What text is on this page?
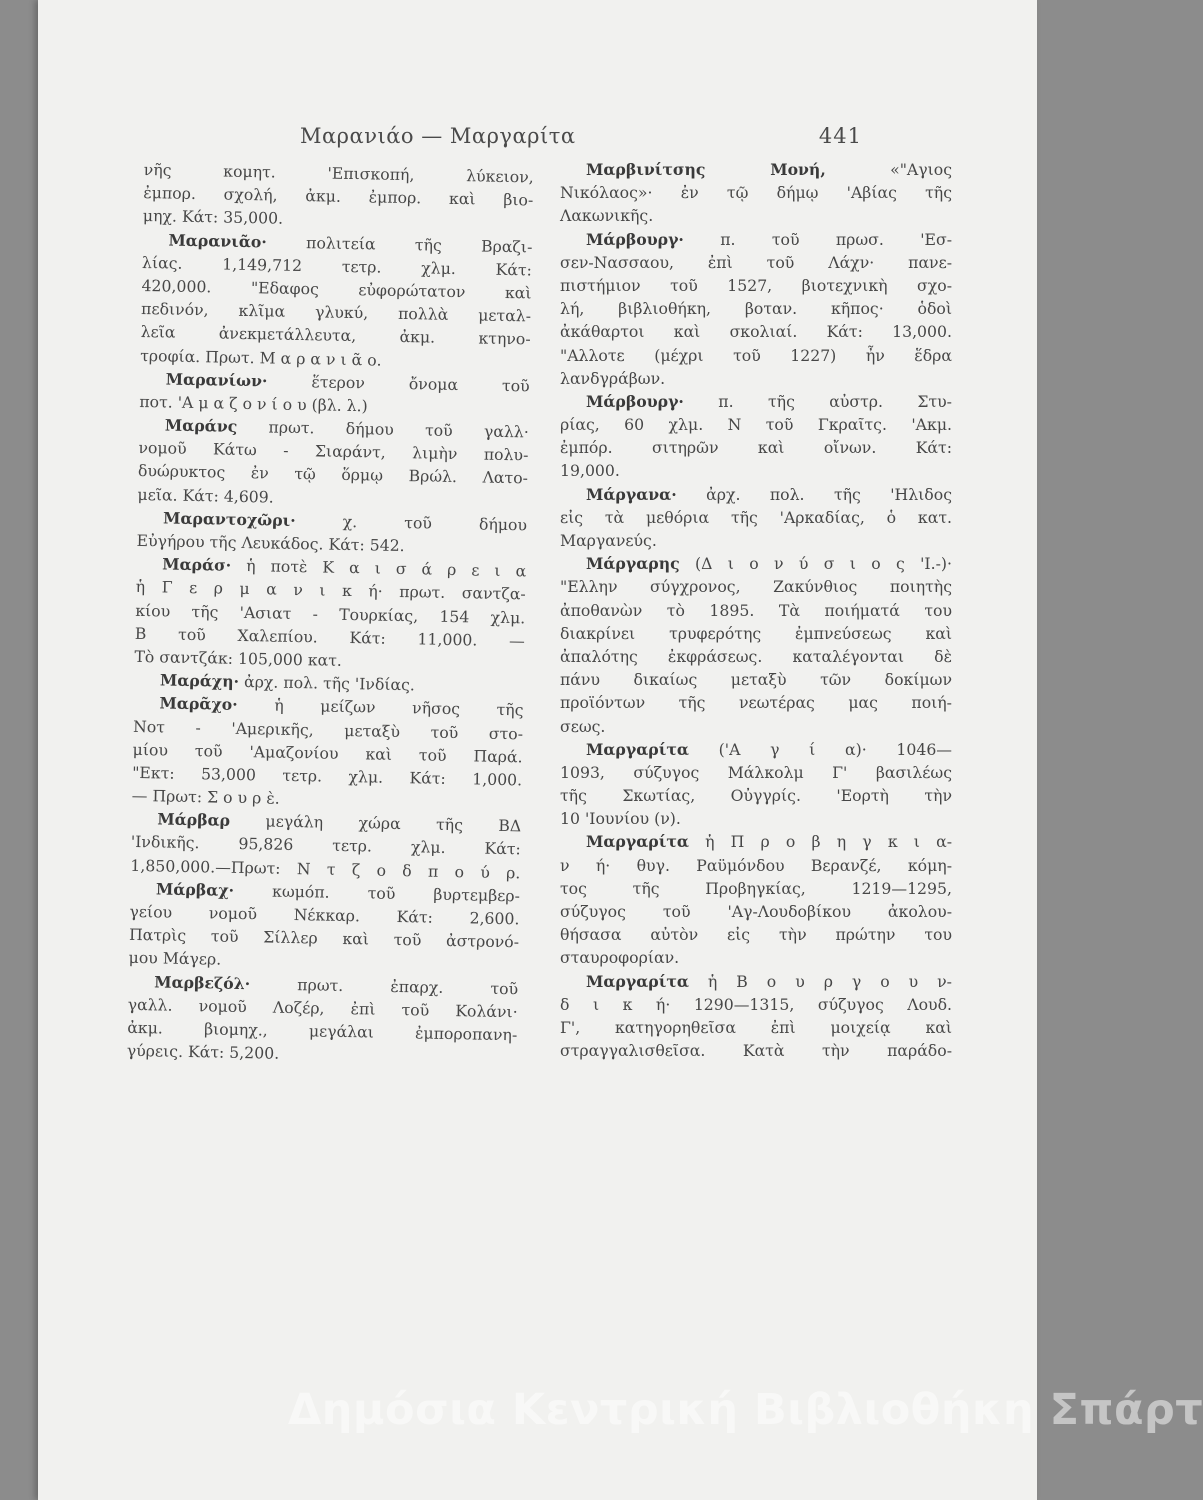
Μαρανιάο — Μαργαρίτα	441
νῆς κομητ. 'Επισκοπή, λύκειον,
ἐμπορ. σχολή, ἀκμ. ἐμπορ. καὶ βιο-
μηχ. Κάτ: 35,000.
Μαρανιᾶο· πολιτεία τῆς Βραζι-
λίας. 1,149,712 τετρ. χλμ. Κάτ:
420,000. "Εδαφος εὐφορώτατον καὶ
πεδινόν, κλῖμα γλυκύ, πολλὰ μεταλ-
λεῖα ἀνεκμετάλλευτα, ἀκμ. κτηνο-
τροφία. Πρωτ. Μ α ρ α ν ι ᾶ ο.
Μαρανίων· ἕτερον ὄνομα τοῦ
ποτ. 'Α μ α ζ ο ν ί ο υ (βλ. λ.)
Μαράνς πρωτ. δήμου τοῦ γαλλ·
νομοῦ Κάτω - Σιαράντ, λιμὴν πολυ-
δυώρυκτος ἐν τῷ ὅρμῳ Βρώλ. Λατο-
μεῖα. Κάτ: 4,609.
Μαραντοχῶρι· χ. τοῦ δήμου
Εὐγήρου τῆς Λευκάδος. Κάτ: 542.
Μαράσ· ἡ ποτὲ Κ α ι σ ά ρ ε ι α
ἡ Γ ε ρ μ α ν ι κ ή· πρωτ. σαντζα-
κίου τῆς 'Ασιατ - Τουρκίας, 154 χλμ.
Β τοῦ Χαλεπίου. Κάτ: 11,000. —
Τὸ σαντζάκ: 105,000 κατ.
Μαράχη· ἀρχ. πολ. τῆς 'Ινδίας.
Μαρᾶχο· ἡ μείζων νῆσος τῆς
Νοτ - 'Αμερικῆς, μεταξὺ τοῦ στο-
μίου τοῦ 'Αμαζονίου καὶ τοῦ Παρά.
"Εκτ: 53,000 τετρ. χλμ. Κάτ: 1,000.
— Πρωτ: Σ ο υ ρ ὲ.
Μάρβαρ μεγάλη χώρα τῆς ΒΔ
'Ινδικῆς. 95,826 τετρ. χλμ. Κάτ:
1,850,000.—Πρωτ: Ν τ ζ ο δ π ο ύ ρ.
Μάρβαχ· κωμόπ. τοῦ βυρτεμβερ-
γείου νομοῦ Νέκκαρ. Κάτ: 2,600.
Πατρὶς τοῦ Σίλλερ καὶ τοῦ ἀστρονό-
μου Μάγερ.
Μαρβεζόλ· πρωτ. ἐπαρχ. τοῦ
γαλλ. νομοῦ Λοζέρ, ἐπὶ τοῦ Κολάνι·
ἀκμ. βιομηχ., μεγάλαι ἐμποροπανη-
γύρεις. Κάτ: 5,200.
Μαρβινίτσης Μονή, «"Αγιος
Νικόλαος»· ἐν τῷ δήμῳ 'Αβίας τῆς
Λακωνικῆς.
Μάρβουργ· π. τοῦ πρωσ. 'Εσ-
σεν-Νασσαου, ἐπὶ τοῦ Λάχν· πανε-
πιστήμιον τοῦ 1527, βιοτεχνικὴ σχο-
λή, βιβλιοθήκη, βοταν. κῆπος· ὁδοὶ
ἀκάθαρτοι καὶ σκολιαί. Κάτ: 13,000.
"Αλλοτε (μέχρι τοῦ 1227) ἦν ἕδρα
λανδγράβων.
Μάρβουργ· π. τῆς αὐστρ. Στυ-
ρίας, 60 χλμ. Ν τοῦ Γκραῖτς. 'Ακμ.
ἐμπόρ. σιτηρῶν καὶ οἴνων. Κάτ:
19,000.
Μάργανα· ἀρχ. πολ. τῆς 'Ηλιδος
εἰς τὰ μεθόρια τῆς 'Αρκαδίας, ὁ κατ.
Μαργανεύς.
Μάργαρης (Δ ι ο ν ύ σ ι ο ς 'Ι.-)·
"Ελλην σύγχρονος, Ζακύνθιος ποιητὴς
ἀποθανὼν τὸ 1895. Τὰ ποιήματά του
διακρίνει τρυφερότης ἐμπνεύσεως καὶ
ἀπαλότης ἐκφράσεως. καταλέγονται δὲ
πάνυ δικαίως μεταξὺ τῶν δοκίμων
προϊόντων τῆς νεωτέρας μας ποιή-
σεως.
Μαργαρίτα ('Α γ ί α)· 1046—
1093, σύζυγος Μάλκολμ Γ' βασιλέως
τῆς Σκωτίας, Οὐγγρίς. 'Εορτὴ τὴν
10 'Ιουνίου (ν).
Μαργαρίτα ἡ Π ρ ο β η γ κ ι α-
ν ή· θυγ. Ραϋμόνδου Βερανζέ, κόμη-
τος τῆς Προβηγκίας, 1219—1295,
σύζυγος τοῦ 'Αγ-Λουδοβίκου ἀκολου-
θήσασα αὐτὸν εἰς τὴν πρώτην του
σταυροφορίαν.
Μαργαρίτα ἡ Β ο υ ρ γ ο υ ν-
δ ι κ ή· 1290—1315, σύζυγος Λουδ.
Γ', κατηγορηθεῖσα ἐπὶ μοιχείᾳ καὶ
στραγγαλισθεῖσα. Κατὰ τὴν παράδο-
Δημόσια Κεντρική Βιβλιοθήκη Σπάρτ
